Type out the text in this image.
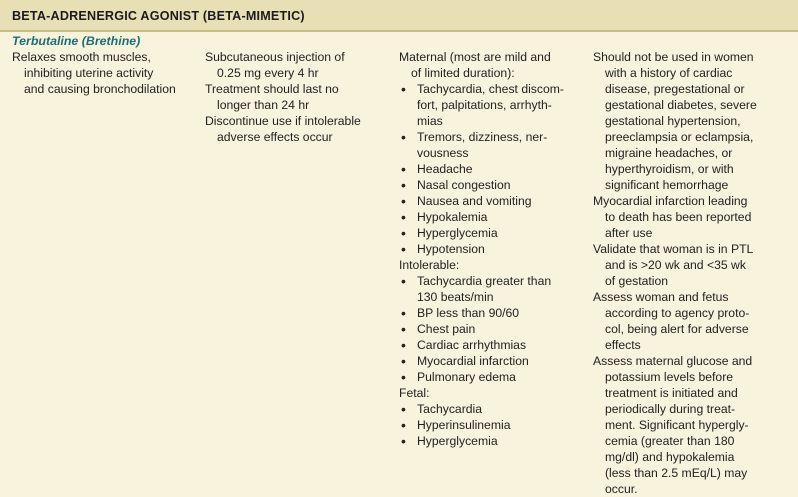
BETA-ADRENERGIC AGONIST (BETA-MIMETIC)
Terbutaline (Brethine)
Relaxes smooth muscles,
inhibiting uterine activity
and causing bronchodilation
Subcutaneous injection of
0.25 mg every 4 hr
Treatment should last no
longer than 24 hr
Discontinue use if intolerable
adverse effects occur
Maternal (most are mild and
of limited duration):
• Tachycardia, chest discom-
fort, palpitations, arrhyth-
mias
• Tremors, dizziness, ner-
vousness
• Headache
• Nasal congestion
• Nausea and vomiting
• Hypokalemia
• Hyperglycemia
• Hypotension
Intolerable:
• Tachycardia greater than
130 beats/min
• BP less than 90/60
• Chest pain
• Cardiac arrhythmias
• Myocardial infarction
• Pulmonary edema
Fetal:
• Tachycardia
• Hyperinsulinemia
• Hyperglycemia
Should not be used in women
with a history of cardiac
disease, pregestational or
gestational diabetes, severe
gestational hypertension,
preeclampsia or eclampsia,
migraine headaches, or
hyperthyroidism, or with
significant hemorrhage
Myocardial infarction leading
to death has been reported
after use
Validate that woman is in PTL
and is >20 wk and <35 wk
of gestation
Assess woman and fetus
according to agency proto-
col, being alert for adverse
effects
Assess maternal glucose and
potassium levels before
treatment is initiated and
periodically during treat-
ment. Significant hypergly-
cemia (greater than 180
mg/dl) and hypokalemia
(less than 2.5 mEq/L) may
occur.
